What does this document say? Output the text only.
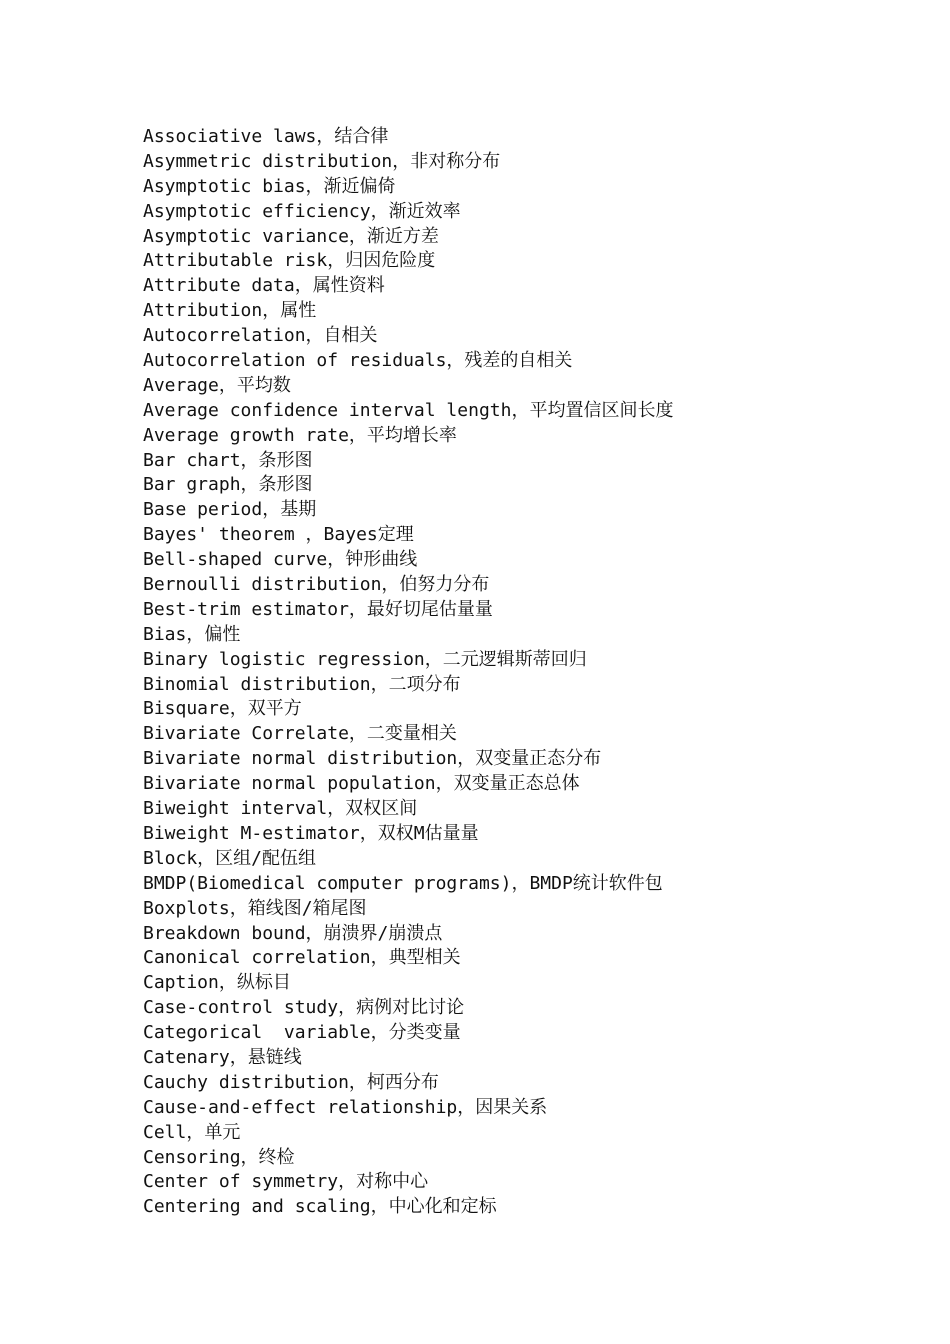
Associative laws，结合律
Asymmetric distribution，非对称分布
Asymptotic bias，渐近偏倚
Asymptotic efficiency，渐近效率
Asymptotic variance，渐近方差
Attributable risk，归因危险度
Attribute data，属性资料
Attribution，属性
Autocorrelation，自相关
Autocorrelation of residuals，残差的自相关
Average，平均数
Average confidence interval length，平均置信区间长度
Average growth rate，平均增长率
Bar chart，条形图
Bar graph，条形图
Base period，基期
Bayes' theorem ，Bayes定理
Bell-shaped curve，钟形曲线
Bernoulli distribution，伯努力分布
Best-trim estimator，最好切尾估量量
Bias，偏性
Binary logistic regression，二元逻辑斯蒂回归
Binomial distribution，二项分布
Bisquare，双平方
Bivariate Correlate，二变量相关
Bivariate normal distribution，双变量正态分布
Bivariate normal population，双变量正态总体
Biweight interval，双权区间
Biweight M-estimator，双权M估量量
Block，区组/配伍组
BMDP(Biomedical computer programs)，BMDP统计软件包
Boxplots，箱线图/箱尾图
Breakdown bound，崩溃界/崩溃点
Canonical correlation，典型相关
Caption，纵标目
Case-control study，病例对比讨论
Categorical  variable，分类变量
Catenary，悬链线
Cauchy distribution，柯西分布
Cause-and-effect relationship，因果关系
Cell，单元
Censoring，终检
Center of symmetry，对称中心
Centering and scaling，中心化和定标
